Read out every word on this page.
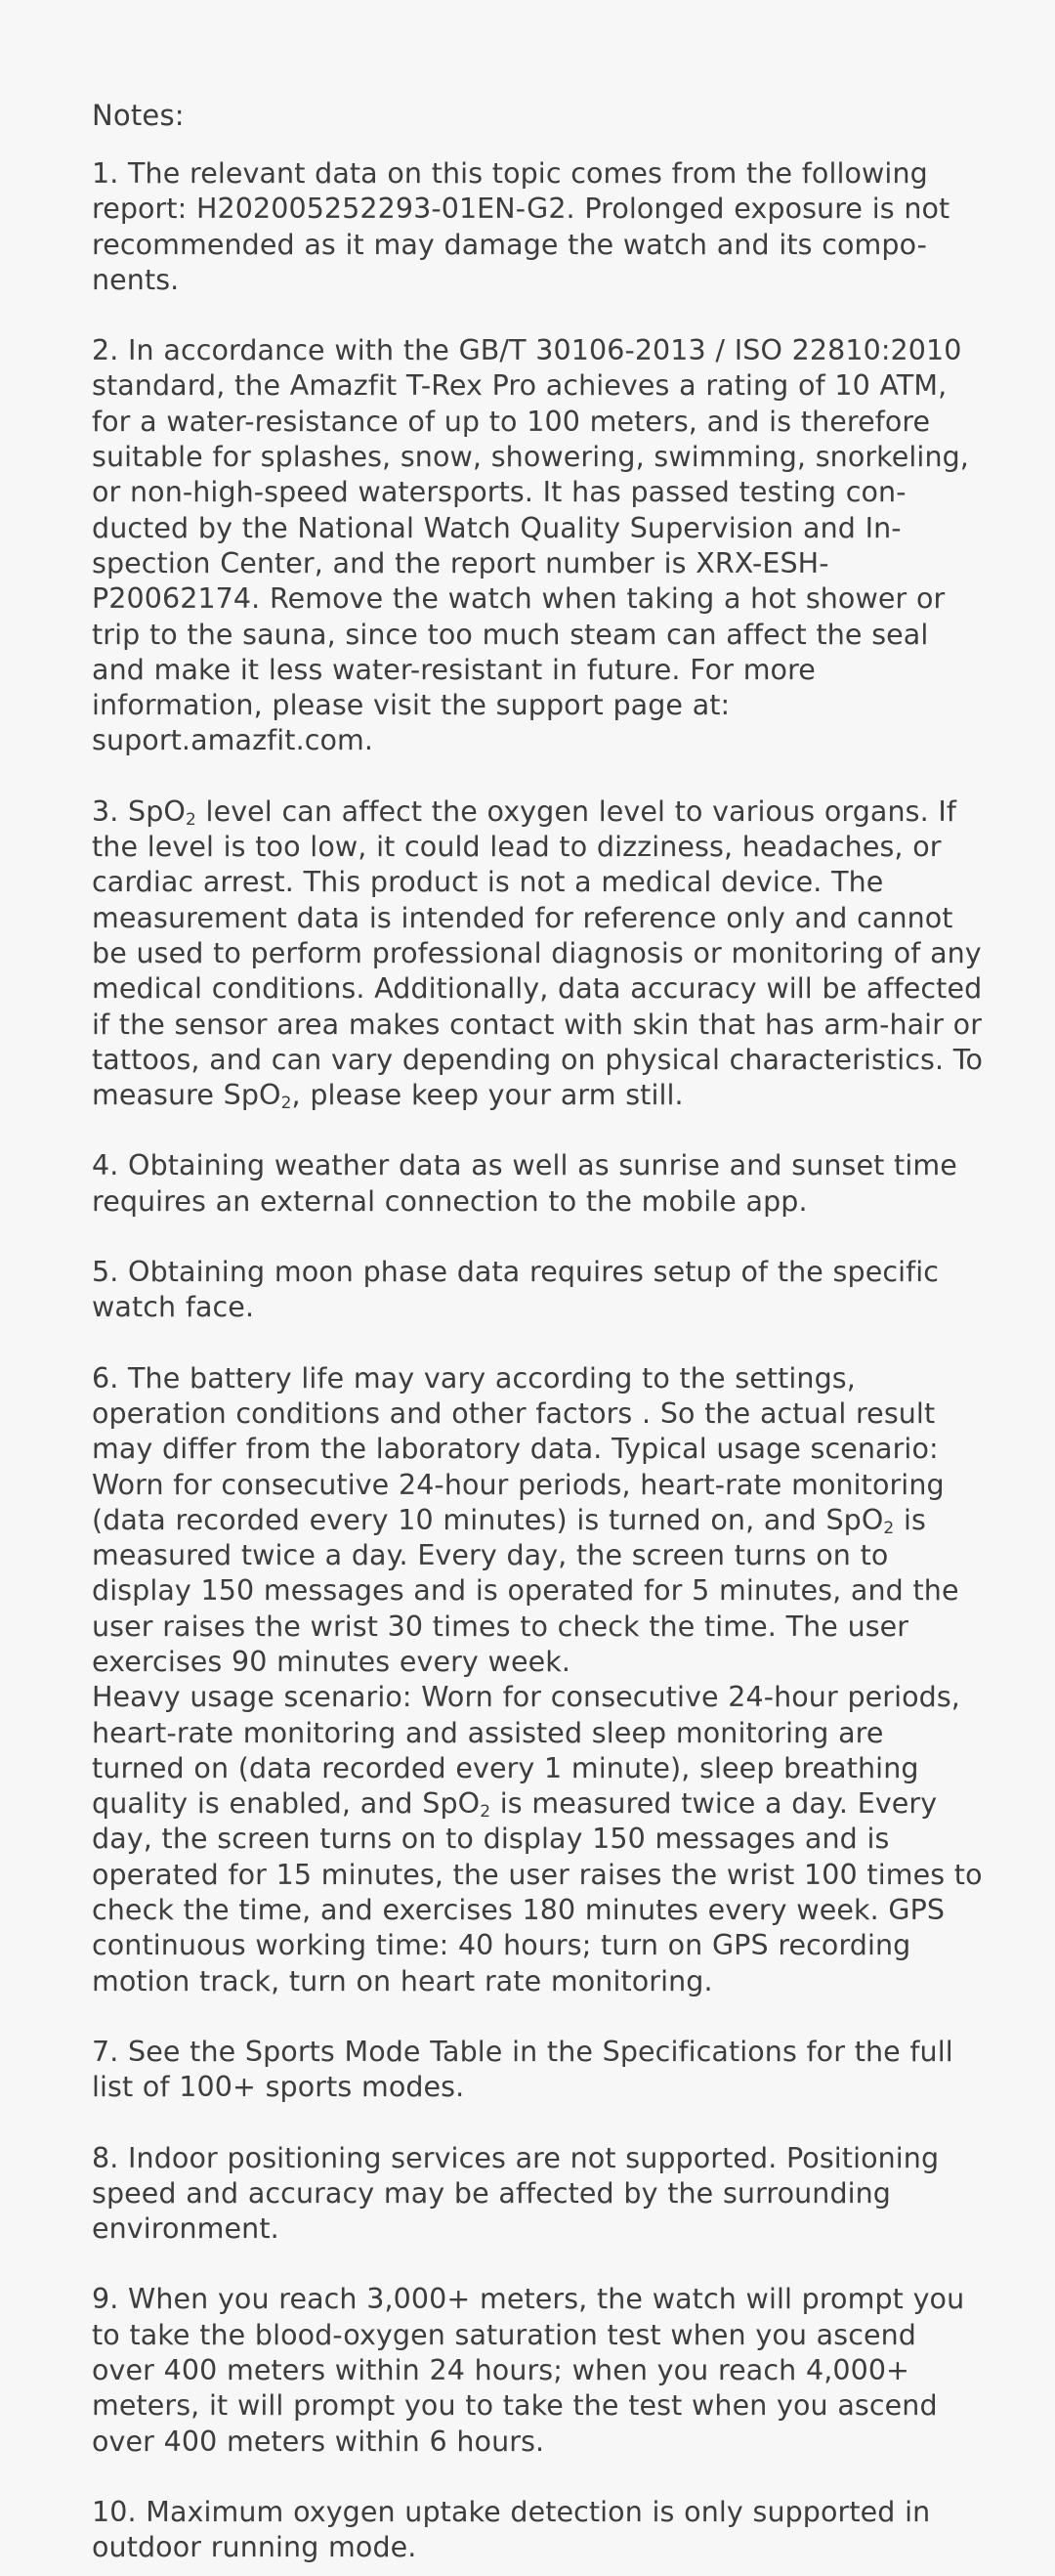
Notes:

1. The relevant data on this topic comes from the following report: H202005252293-01EN-G2. Prolonged exposure is not recommended as it may damage the watch and its compo-nents.

2. In accordance with the GB/T 30106-2013 / ISO 22810:2010 standard, the Amazfit T-Rex Pro achieves a rating of 10 ATM, for a water-resistance of up to 100 meters, and is therefore suitable for splashes, snow, showering, swimming, snorkeling, or non-high-speed watersports. It has passed testing con-ducted by the National Watch Quality Supervision and In-spection Center, and the report number is XRX-ESH-P20062174. Remove the watch when taking a hot shower or trip to the sauna, since too much steam can affect the seal and make it less water-resistant in future. For more information, please visit the support page at: suport.amazfit.com.

3. SpO$_2$ level can affect the oxygen level to various organs. If the level is too low, it could lead to dizziness, headaches, or cardiac arrest. This product is not a medical device. The measurement data is intended for reference only and cannot be used to perform professional diagnosis or monitoring of any medical conditions. Additionally, data accuracy will be affected if the sensor area makes contact with skin that has arm-hair or tattoos, and can vary depending on physical characteristics. To measure SpO$_2$, please keep your arm still.

4. Obtaining weather data as well as sunrise and sunset time requires an external connection to the mobile app.

5. Obtaining moon phase data requires setup of the specific watch face.

6. The battery life may vary according to the settings, operation conditions and other factors . So the actual result may differ from the laboratory data. Typical usage scenario: Worn for consecutive 24-hour periods, heart-rate monitoring (data recorded every 10 minutes) is turned on, and SpO$_2$ is measured twice a day. Every day, the screen turns on to display 150 messages and is operated for 5 minutes, and the user raises the wrist 30 times to check the time. The user exercises 90 minutes every week.

Heavy usage scenario: Worn for consecutive 24-hour periods, heart-rate monitoring and assisted sleep monitoring are turned on (data recorded every 1 minute), sleep breathing quality is enabled, and SpO$_2$ is measured twice a day. Every day, the screen turns on to display 150 messages and is operated for 15 minutes, the user raises the wrist 100 times to check the time, and exercises 180 minutes every week. GPS continuous working time: 40 hours; turn on GPS recording motion track, turn on heart rate monitoring.

7. See the Sports Mode Table in the Specifications for the full list of 100+ sports modes.

8. Indoor positioning services are not supported. Positioning speed and accuracy may be affected by the surrounding environment.

9. When you reach 3,000+ meters, the watch will prompt you to take the blood-oxygen saturation test when you ascend over 400 meters within 24 hours; when you reach 4,000+ meters, it will prompt you to take the test when you ascend over 400 meters within 6 hours.

10. Maximum oxygen uptake detection is only supported in outdoor running mode.
